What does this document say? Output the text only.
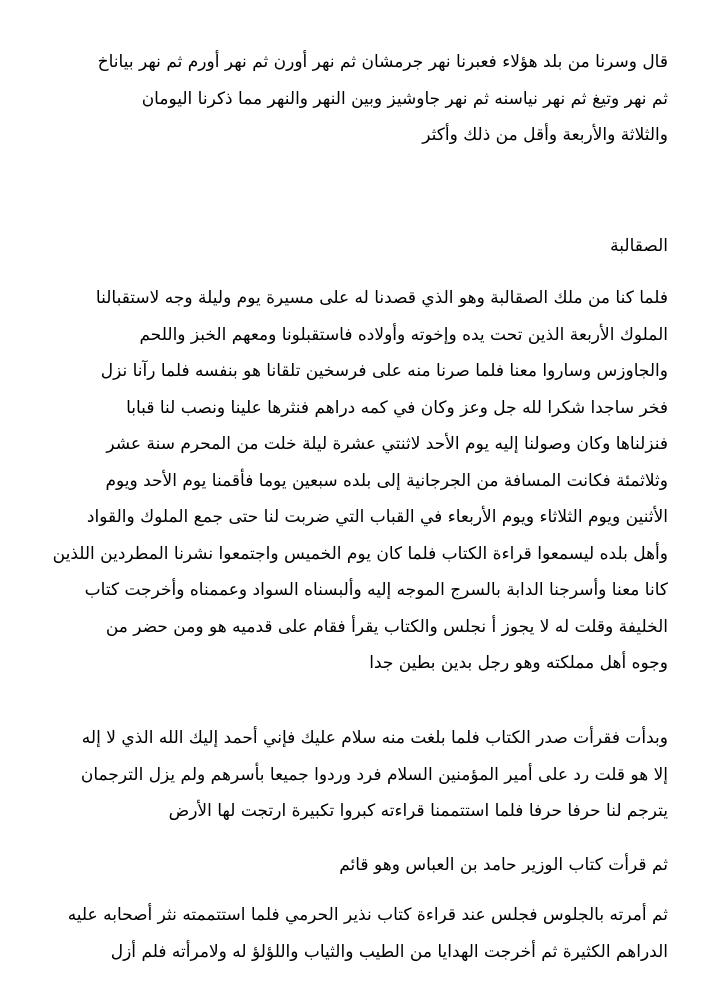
قال وسرنا من بلد هؤلاء فعبرنا نهر جرمشان ثم نهر أورن ثم نهر أورم ثم نهر بياناخ
ثم نهر وتيغ ثم نهر نياسنه ثم نهر جاوشيز وبين النهر والنهر مما ذكرنا اليومان
والثلاثة والأربعة وأقل من ذلك وأكثر
الصقالبة
فلما كنا من ملك الصقالبة وهو الذي قصدنا له على مسيرة يوم وليلة وجه لاستقبالنا
الملوك الأربعة الذين تحت يده وإخوته وأولاده فاستقبلونا ومعهم الخبز واللحم
والجاوزس وساروا معنا فلما صرنا منه على فرسخين تلقانا هو بنفسه فلما رآنا نزل
فخر ساجدا شكرا لله جل وعز وكان في كمه دراهم فنثرها علينا ونصب لنا قبابا
فنزلناها وكان وصولنا إليه يوم الأحد لاثنتي عشرة ليلة خلت من المحرم سنة عشر
وثلاثمئة فكانت المسافة من الجرجانية إلى بلده سبعين يوما فأقمنا يوم الأحد ويوم
الأثنين ويوم الثلاثاء ويوم الأربعاء في القباب التي ضربت لنا حتى جمع الملوك والقواد
وأهل بلده ليسمعوا قراءة الكتاب فلما كان يوم الخميس واجتمعوا نشرنا المطردين اللذين
كانا معنا وأسرجنا الدابة بالسرج الموجه إليه وألبسناه السواد وعممناه وأخرجت كتاب
الخليفة وقلت له لا يجوز أ نجلس والكتاب يقرأ فقام على قدميه هو ومن حضر من
وجوه أهل مملكته وهو رجل بدين بطين جدا
وبدأت فقرأت صدر الكتاب فلما بلغت منه سلام عليك فإني أحمد إليك الله الذي لا إله
إلا هو قلت رد على أمير المؤمنين السلام فرد وردوا جميعا بأسرهم ولم يزل الترجمان
يترجم لنا حرفا حرفا فلما استتممنا قراءته كبروا تكبيرة ارتجت لها الأرض
ثم قرأت كتاب الوزير حامد بن العباس وهو قائم
ثم أمرته بالجلوس فجلس عند قراءة كتاب نذير الحرمي فلما استتممته نثر أصحابه عليه
الدراهم الكثيرة ثم أخرجت الهدايا من الطيب والثياب واللؤلؤ له ولامرأته فلم أزل
